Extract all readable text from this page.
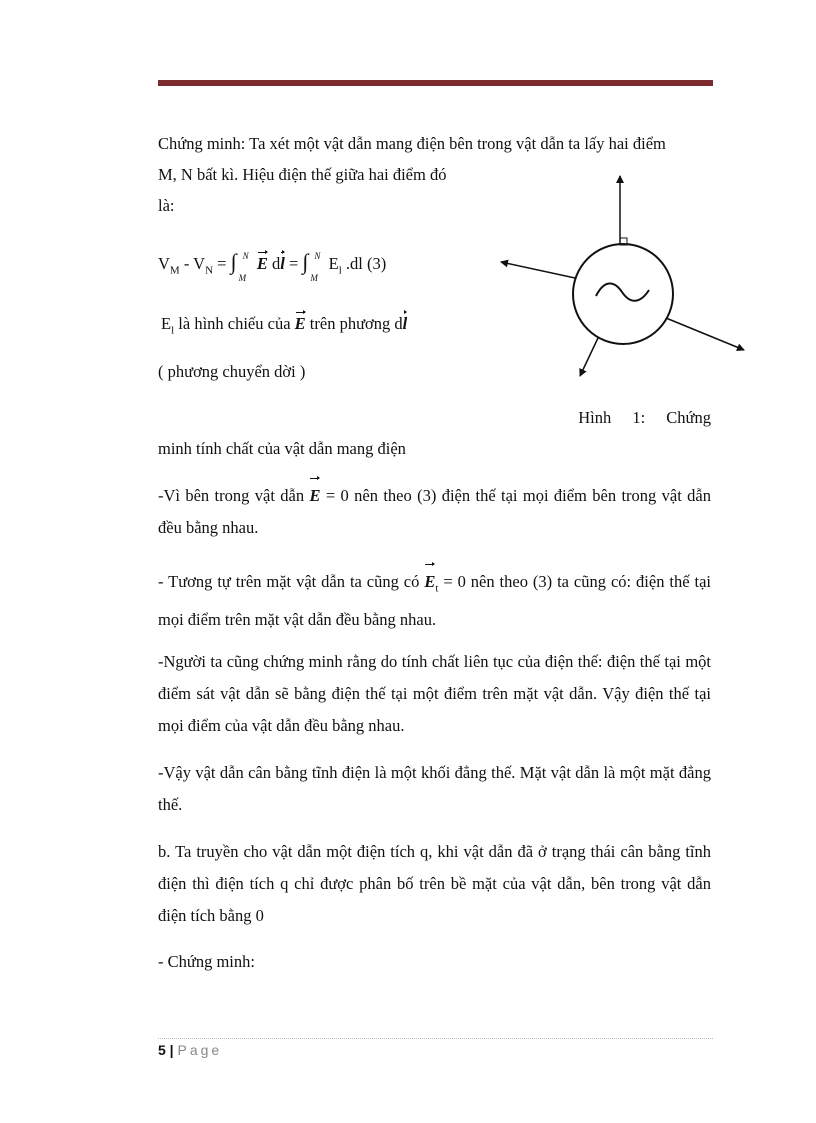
Chứng minh: Ta xét một vật dẫn mang điện bên trong vật dẫn ta lấy hai điểm

M, N bất kì. Hiệu điện thế giữa hai điểm đó

là:

$V_M - V_N$ = ∫ N
M
E dl = ∫ N
M
$E_l$ .dl (3)
$E_l$ là hình chiếu của E trên phương dl

( phương chuyển dời )

Hình 1: Chứng

minh tính chất của vật dẫn mang điện

-Vì bên trong vật dẫn E = 0 nên theo (3) điện thế tại mọi điểm bên trong vật dẫn đều bằng nhau.

- Tương tự trên mặt vật dẫn ta cũng có $E_t = 0$ nên theo (3) ta cũng có: điện thế tại mọi điểm trên mặt vật dẫn đều bằng nhau.

-Người ta cũng chứng minh rằng do tính chất liên tục của điện thế: điện thế tại một điểm sát vật dẫn sẽ bằng điện thế tại một điểm trên mặt vật dẫn. Vậy điện thế tại mọi điểm của vật dẫn đều bằng nhau.

-Vậy vật dẫn cân bằng tĩnh điện là một khối đẳng thế. Mặt vật dẫn là một mặt đẳng thế.

b. Ta truyền cho vật dẫn một điện tích q, khi vật dẫn đã ở trạng thái cân bằng tĩnh điện thì điện tích q chỉ được phân bố trên bề mặt của vật dẫn, bên trong vật dẫn điện tích bằng 0

- Chứng minh:

5 | Page
